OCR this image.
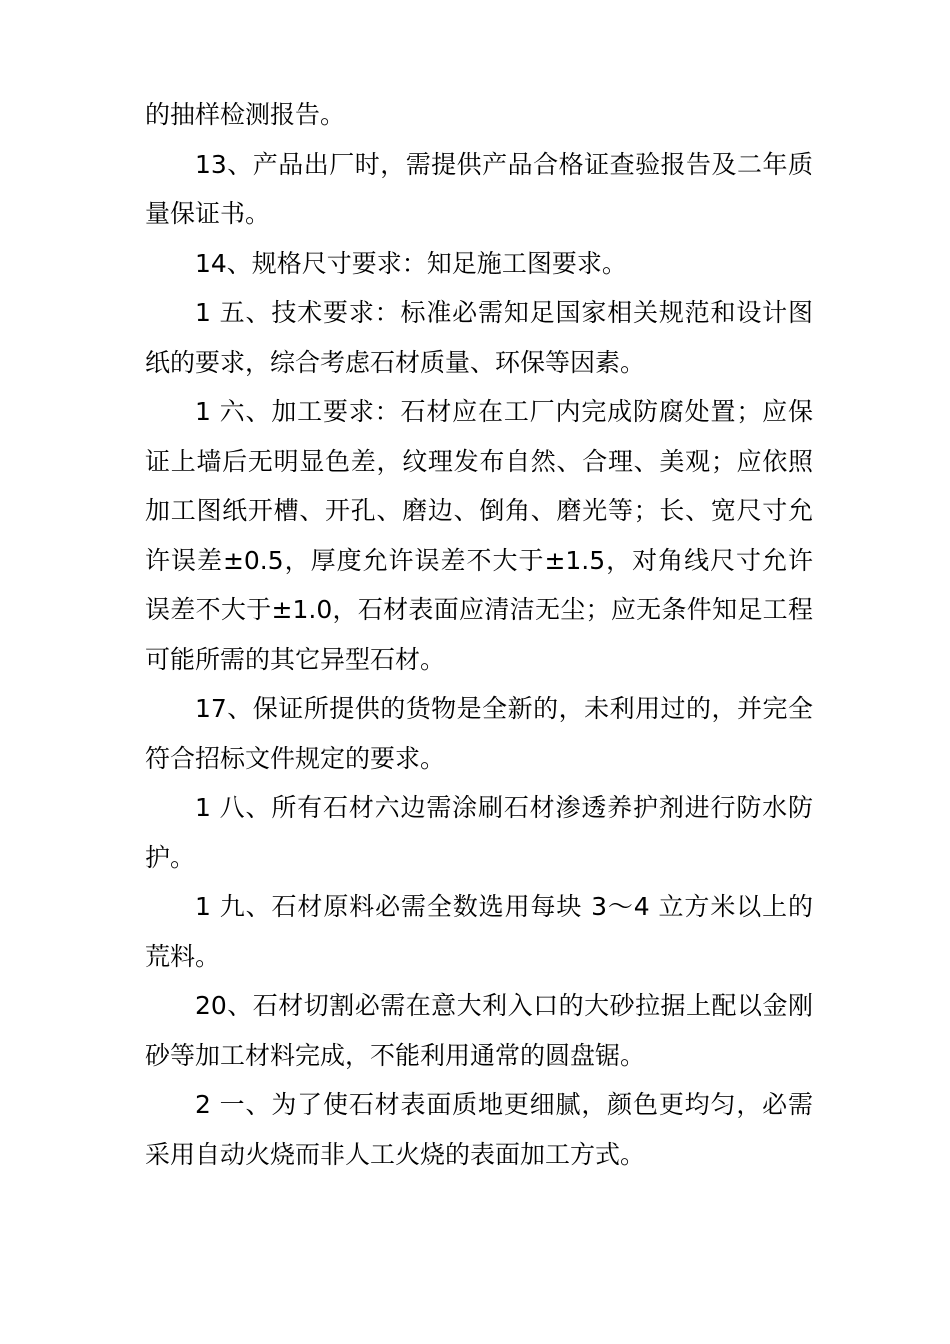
的抽样检测报告。

13、产品出厂时，需提供产品合格证查验报告及二年质量保证书。

14、规格尺寸要求：知足施工图要求。

1 五、技术要求：标准必需知足国家相关规范和设计图纸的要求，综合考虑石材质量、环保等因素。

1 六、加工要求：石材应在工厂内完成防腐处置；应保证上墙后无明显色差，纹理发布自然、合理、美观；应依照加工图纸开槽、开孔、磨边、倒角、磨光等；长、宽尺寸允许误差±0.5，厚度允许误差不大于±1.5，对角线尺寸允许误差不大于±1.0，石材表面应清洁无尘；应无条件知足工程可能所需的其它异型石材。

17、保证所提供的货物是全新的，未利用过的，并完全符合招标文件规定的要求。

1 八、所有石材六边需涂刷石材渗透养护剂进行防水防护。

1 九、石材原料必需全数选用每块 3～4 立方米以上的荒料。

20、石材切割必需在意大利入口的大砂拉据上配以金刚砂等加工材料完成，不能利用通常的圆盘锯。

2 一、为了使石材表面质地更细腻，颜色更均匀，必需采用自动火烧而非人工火烧的表面加工方式。
